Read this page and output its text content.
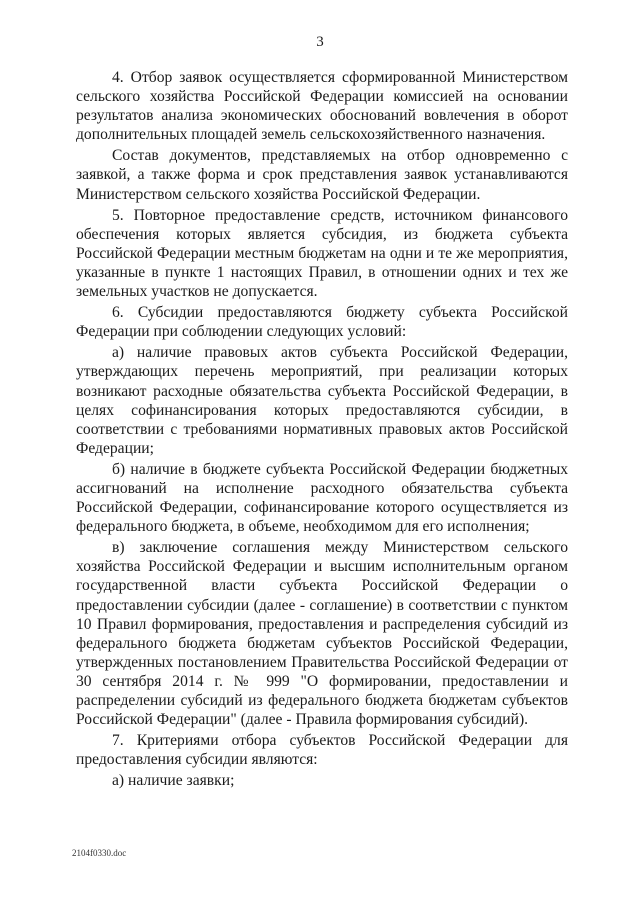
3

4. Отбор заявок осуществляется сформированной Министерством сельского хозяйства Российской Федерации комиссией на основании результатов анализа экономических обоснований вовлечения в оборот дополнительных площадей земель сельскохозяйственного назначения.

Состав документов, представляемых на отбор одновременно с заявкой, а также форма и срок представления заявок устанавливаются Министерством сельского хозяйства Российской Федерации.

5. Повторное предоставление средств, источником финансового обеспечения которых является субсидия, из бюджета субъекта Российской Федерации местным бюджетам на одни и те же мероприятия, указанные в пункте 1 настоящих Правил, в отношении одних и тех же земельных участков не допускается.

6. Субсидии предоставляются бюджету субъекта Российской Федерации при соблюдении следующих условий:

а) наличие правовых актов субъекта Российской Федерации, утверждающих перечень мероприятий, при реализации которых возникают расходные обязательства субъекта Российской Федерации, в целях софинансирования которых предоставляются субсидии, в соответствии с требованиями нормативных правовых актов Российской Федерации;

б) наличие в бюджете субъекта Российской Федерации бюджетных ассигнований на исполнение расходного обязательства субъекта Российской Федерации, софинансирование которого осуществляется из федерального бюджета, в объеме, необходимом для его исполнения;

в) заключение соглашения между Министерством сельского хозяйства Российской Федерации и высшим исполнительным органом государственной власти субъекта Российской Федерации о предоставлении субсидии (далее - соглашение) в соответствии с пунктом 10 Правил формирования, предоставления и распределения субсидий из федерального бюджета бюджетам субъектов Российской Федерации, утвержденных постановлением Правительства Российской Федерации от 30 сентября 2014 г. № 999 "О формировании, предоставлении и распределении субсидий из федерального бюджета бюджетам субъектов Российской Федерации" (далее - Правила формирования субсидий).

7. Критериями отбора субъектов Российской Федерации для предоставления субсидии являются:

а) наличие заявки;

2104f0330.doc
